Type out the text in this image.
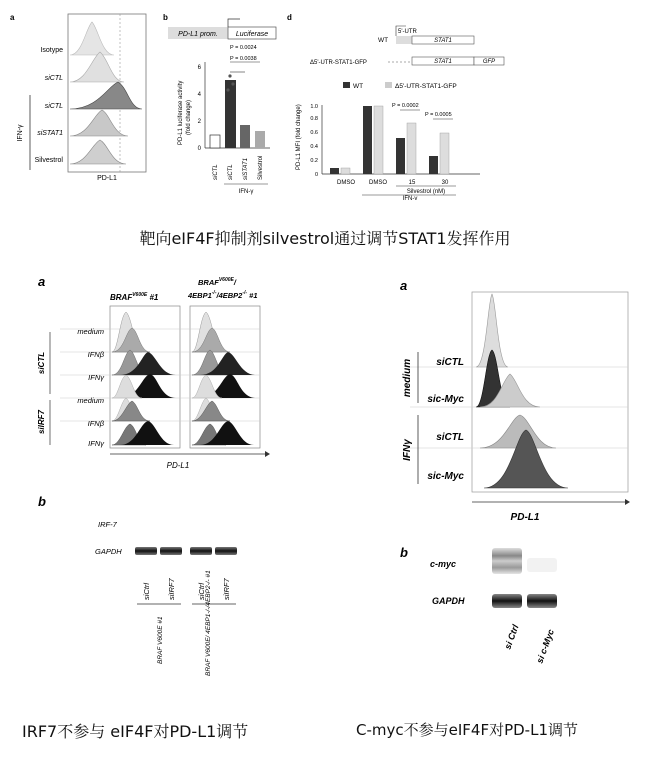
a
Isotype
siCTL
siCTL
siSTAT1
Silvestrol
IFN-γ
PD-L1
b
PD-L1 prom.	Luciferase
PD-L1 luciferase activity (fold change)
0
2
4
6
P = 0.0024
P = 0.0038
siCTL siCTL siSTAT1 Silvestrol
IFN-γ
d
WT
5'-UTR
STAT1
Δ5'-UTR-STAT1-GFP	STAT1	GFP
WT	Δ5'-UTR-STAT1-GFP
PD-L1 MFI (fold change)
0
0.2
0.4
0.6
0.8
1.0	P = 0.0002
P = 0.0005
DMSO DMSO	15	30
Silvestrol (nM)
IFN-γ
靶向eIF4F抑制剂silvestrol通过调节STAT1发挥作用
a
$BRAF^{V600E}$ #1
$BRAF^{V600E}/$
4EBP1-/-/4EBP2-/- #1
siCTL
siIRF7
medium
IFNβ
IFNγ
medium
IFNβ
IFNγ
PD-L1
b
IRF-7
GAPDH
siCtrl siIRF7	siCtrl siIRF7
BRAF V600E #1	BRAF V600E/ 4EBP1-/-/4EBP2-/- #1
IRF7不参与 eIF4F对PD-L1调节
a
medium
IFNγ
siCTL
sic-Myc
siCTL
sic-Myc
PD-L1
b
c-myc
GAPDH
si Ctrl si c-Myc
C-myc不参与eIF4F对PD-L1调节
